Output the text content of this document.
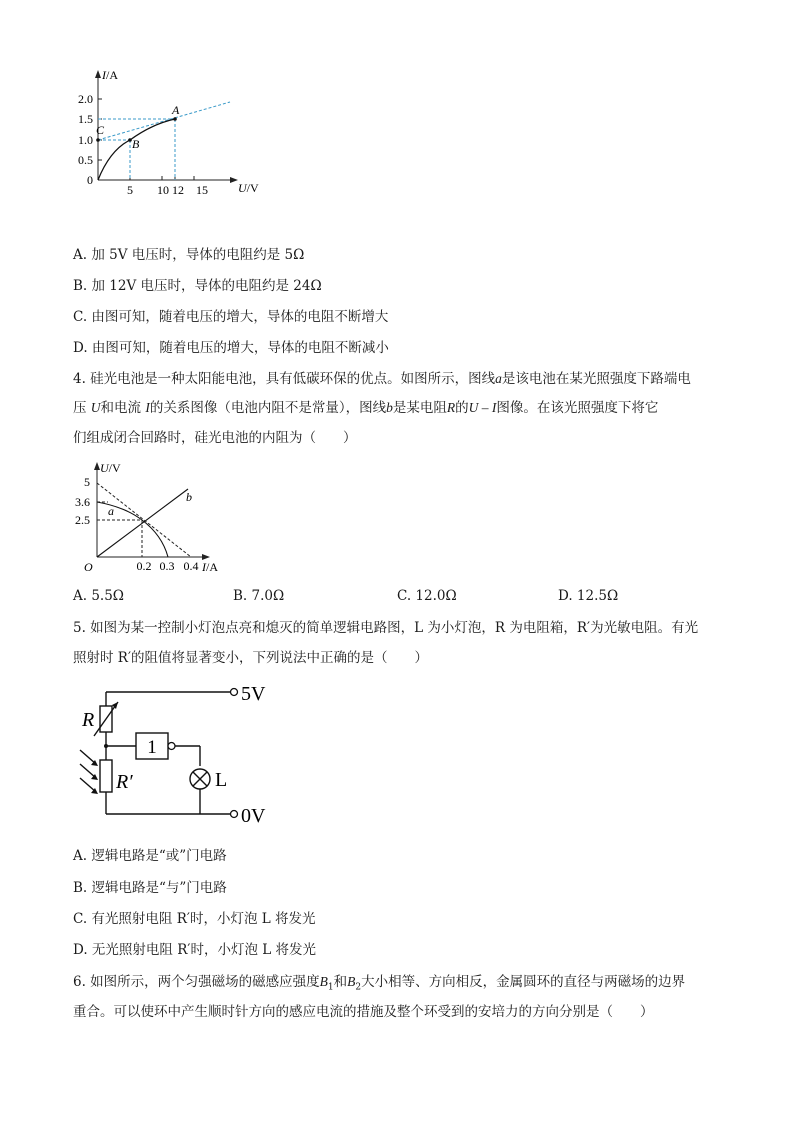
I/A
U/V
2.0
1.5
1.0
0.5
0
5 10 12 15
A
B
C
A. 加 5V 电压时，导体的电阻约是 5Ω
B. 加 12V 电压时，导体的电阻约是 24Ω
C. 由图可知，随着电压的增大，导体的电阻不断增大
D. 由图可知，随着电压的增大，导体的电阻不断减小
4. 硅光电池是一种太阳能电池，具有低碳环保的优点。如图所示，图线a是该电池在某光照强度下路端电
压 U和电流 I的关系图像（电池内阻不是常量），图线b是某电阻R的U – I图像。在该光照强度下将它
们组成闭合回路时，硅光电池的内阻为（　　）
U/V
I/A
O
5
3.6
2.5
0.2 0.3 0.4
a
b
A. 5.5Ω	B. 7.0Ω	C. 12.0Ω	D. 12.5Ω
5. 如图为某一控制小灯泡点亮和熄灭的简单逻辑电路图，L 为小灯泡，R 为电阻箱，R′为光敏电阻。有光
照射时 R′的阻值将显著变小，下列说法中正确的是（　　）
5V
0V
R
R′
1
L
A. 逻辑电路是“或”门电路
B. 逻辑电路是“与”门电路
C. 有光照射电阻 R′时，小灯泡 L 将发光
D. 无光照射电阻 R′时，小灯泡 L 将发光
6. 如图所示，两个匀强磁场的磁感应强度$B_1$和$B_2$大小相等、方向相反，金属圆环的直径与两磁场的边界
重合。可以使环中产生顺时针方向的感应电流的措施及整个环受到的安培力的方向分别是（　　）
